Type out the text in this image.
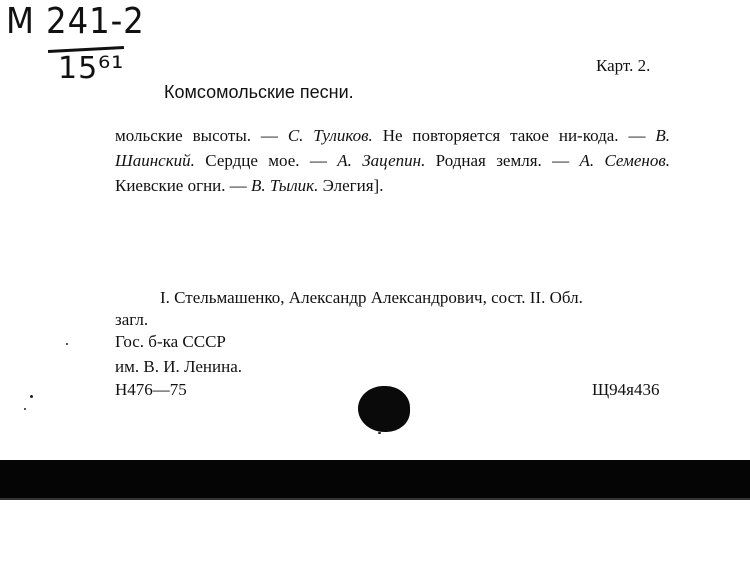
M 241-2
15⁶¹	Карт. 2.
Комсомольские песни.

мольские высоты. — С. Туликов. Не повторяется такое ни-кода. — В. Шаинский. Сердце мое. — А. Зацепин. Родная земля. — А. Семенов. Киевские огни. — В. Тылик. Элегия].

I. Стельмашенко, Александр Александрович, сост. II. Обл.
загл.
Гос. б-ка СССР
им. В. И. Ленина.
Н476—75	Щ94я436
